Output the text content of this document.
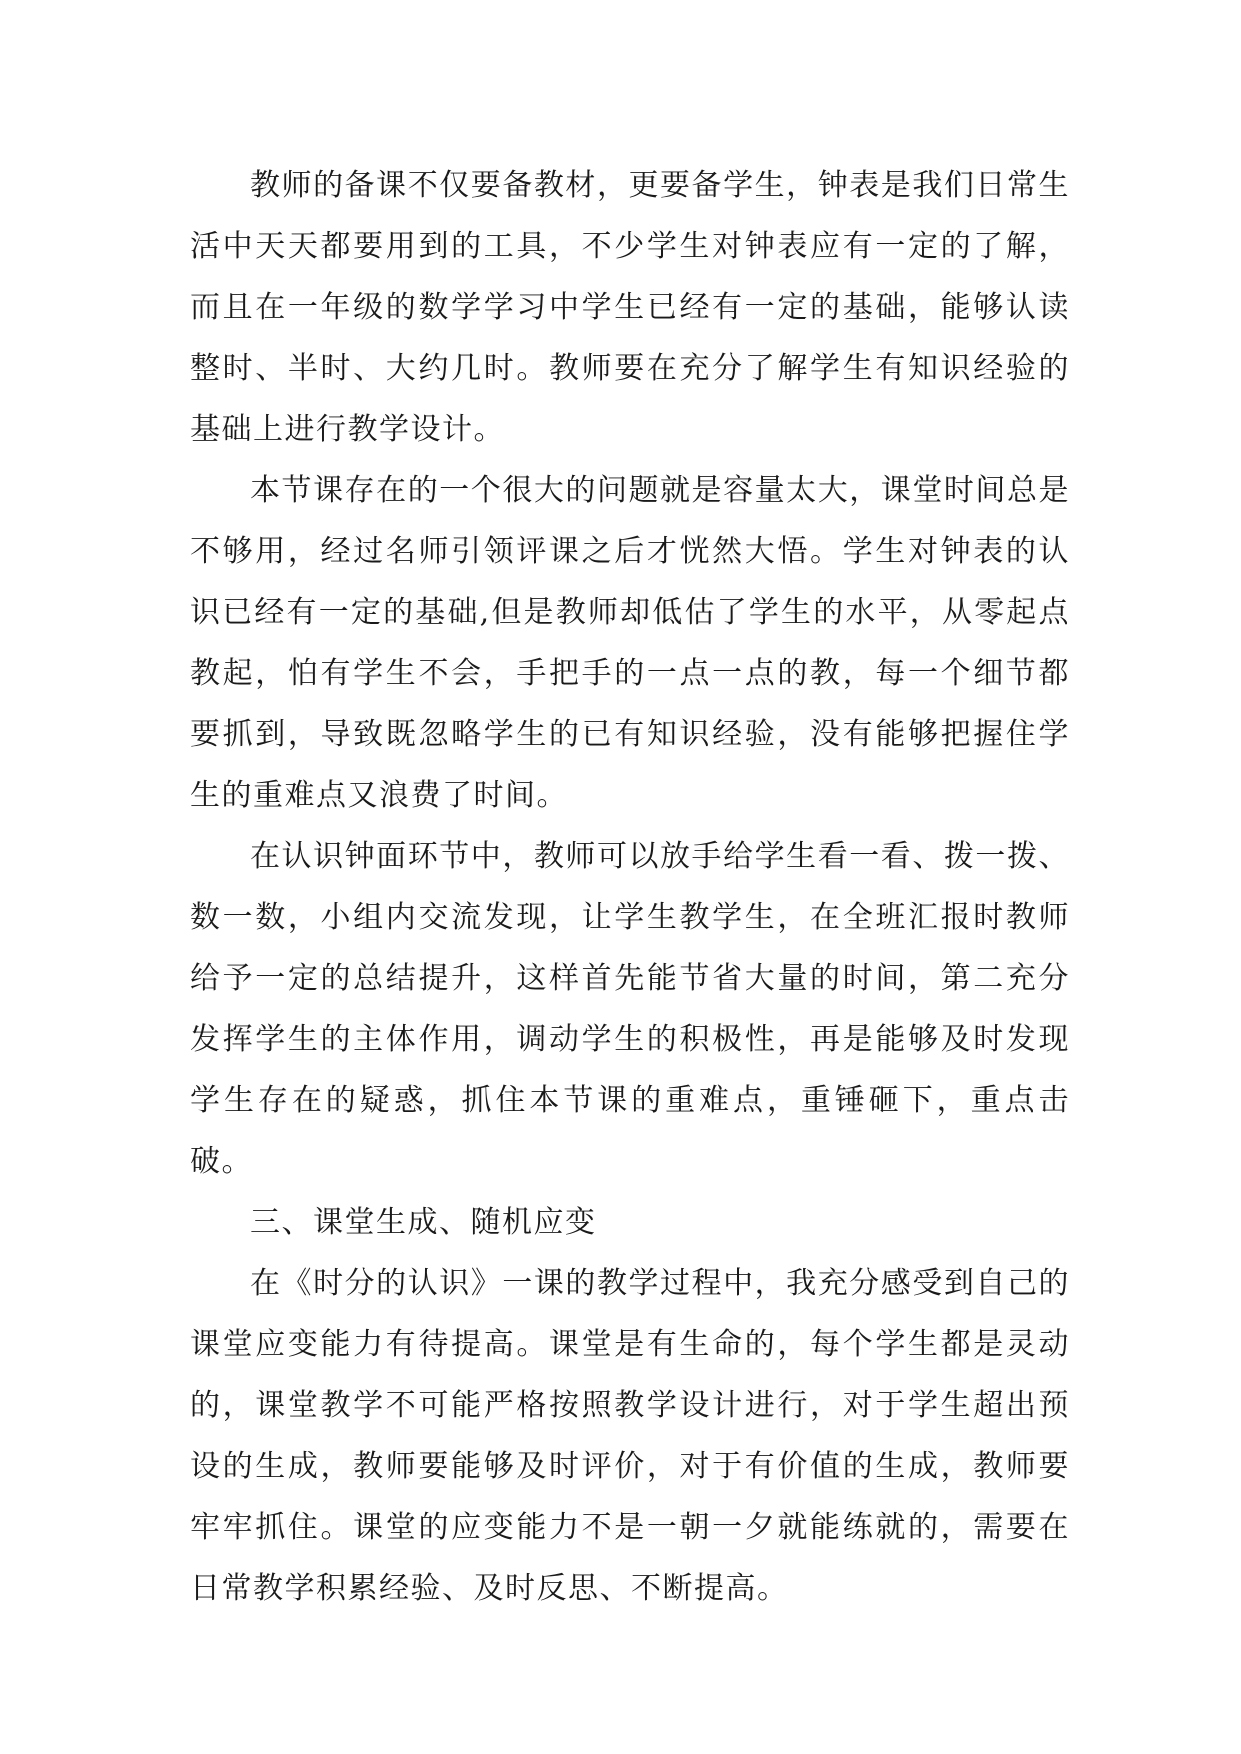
教师的备课不仅要备教材，更要备学生，钟表是我们日常生活中天天都要用到的工具，不少学生对钟表应有一定的了解，而且在一年级的数学学习中学生已经有一定的基础，能够认读整时、半时、大约几时。教师要在充分了解学生有知识经验的基础上进行教学设计。

本节课存在的一个很大的问题就是容量太大，课堂时间总是不够用，经过名师引领评课之后才恍然大悟。学生对钟表的认识已经有一定的基础,但是教师却低估了学生的水平，从零起点教起，怕有学生不会，手把手的一点一点的教，每一个细节都要抓到，导致既忽略学生的已有知识经验，没有能够把握住学生的重难点又浪费了时间。

在认识钟面环节中，教师可以放手给学生看一看、拨一拨、数一数，小组内交流发现，让学生教学生，在全班汇报时教师给予一定的总结提升，这样首先能节省大量的时间，第二充分发挥学生的主体作用，调动学生的积极性，再是能够及时发现学生存在的疑惑，抓住本节课的重难点，重锤砸下，重点击破。

三、课堂生成、随机应变

在《时分的认识》一课的教学过程中，我充分感受到自己的课堂应变能力有待提高。课堂是有生命的，每个学生都是灵动的，课堂教学不可能严格按照教学设计进行，对于学生超出预设的生成，教师要能够及时评价，对于有价值的生成，教师要牢牢抓住。课堂的应变能力不是一朝一夕就能练就的，需要在日常教学积累经验、及时反思、不断提高。
